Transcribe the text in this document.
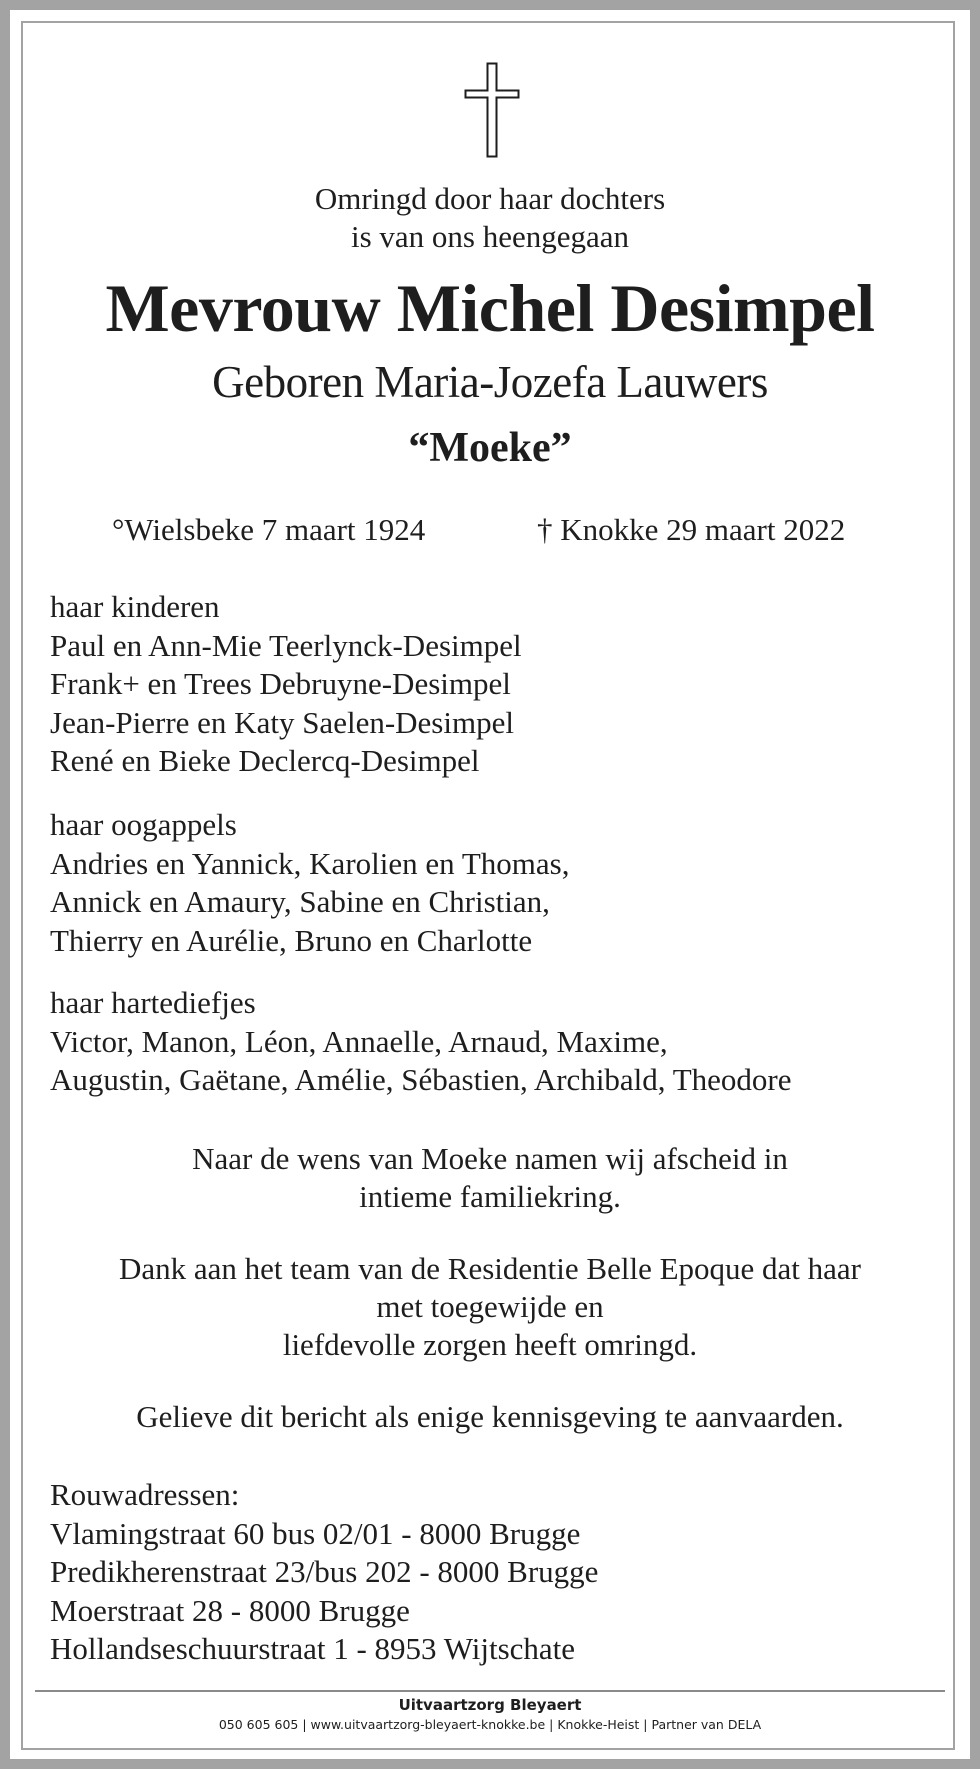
Omringd door haar dochters
is van ons heengegaan
Mevrouw Michel Desimpel
Geboren Maria-Jozefa Lauwers
“Moeke”
°Wielsbeke 7 maart 1924	† Knokke 29 maart 2022
haar kinderen
Paul en Ann-Mie Teerlynck-Desimpel
Frank+ en Trees Debruyne-Desimpel
Jean-Pierre en Katy Saelen-Desimpel
René en Bieke Declercq-Desimpel
haar oogappels
Andries en Yannick, Karolien en Thomas,
Annick en Amaury, Sabine en Christian,
Thierry en Aurélie, Bruno en Charlotte
haar hartediefjes
Victor, Manon, Léon, Annaelle, Arnaud, Maxime,
Augustin, Gaëtane, Amélie, Sébastien, Archibald, Theodore
Naar de wens van Moeke namen wij afscheid in
intieme familiekring.
Dank aan het team van de Residentie Belle Epoque dat haar
met toegewijde en
liefdevolle zorgen heeft omringd.
Gelieve dit bericht als enige kennisgeving te aanvaarden.
Rouwadressen:
Vlamingstraat 60 bus 02/01 - 8000 Brugge
Predikherenstraat 23/bus 202 - 8000 Brugge
Moerstraat 28 - 8000 Brugge
Hollandseschuurstraat 1 - 8953 Wijtschate
Uitvaartzorg Bleyaert
050 605 605 | www.uitvaartzorg-bleyaert-knokke.be | Knokke-Heist | Partner van DELA
